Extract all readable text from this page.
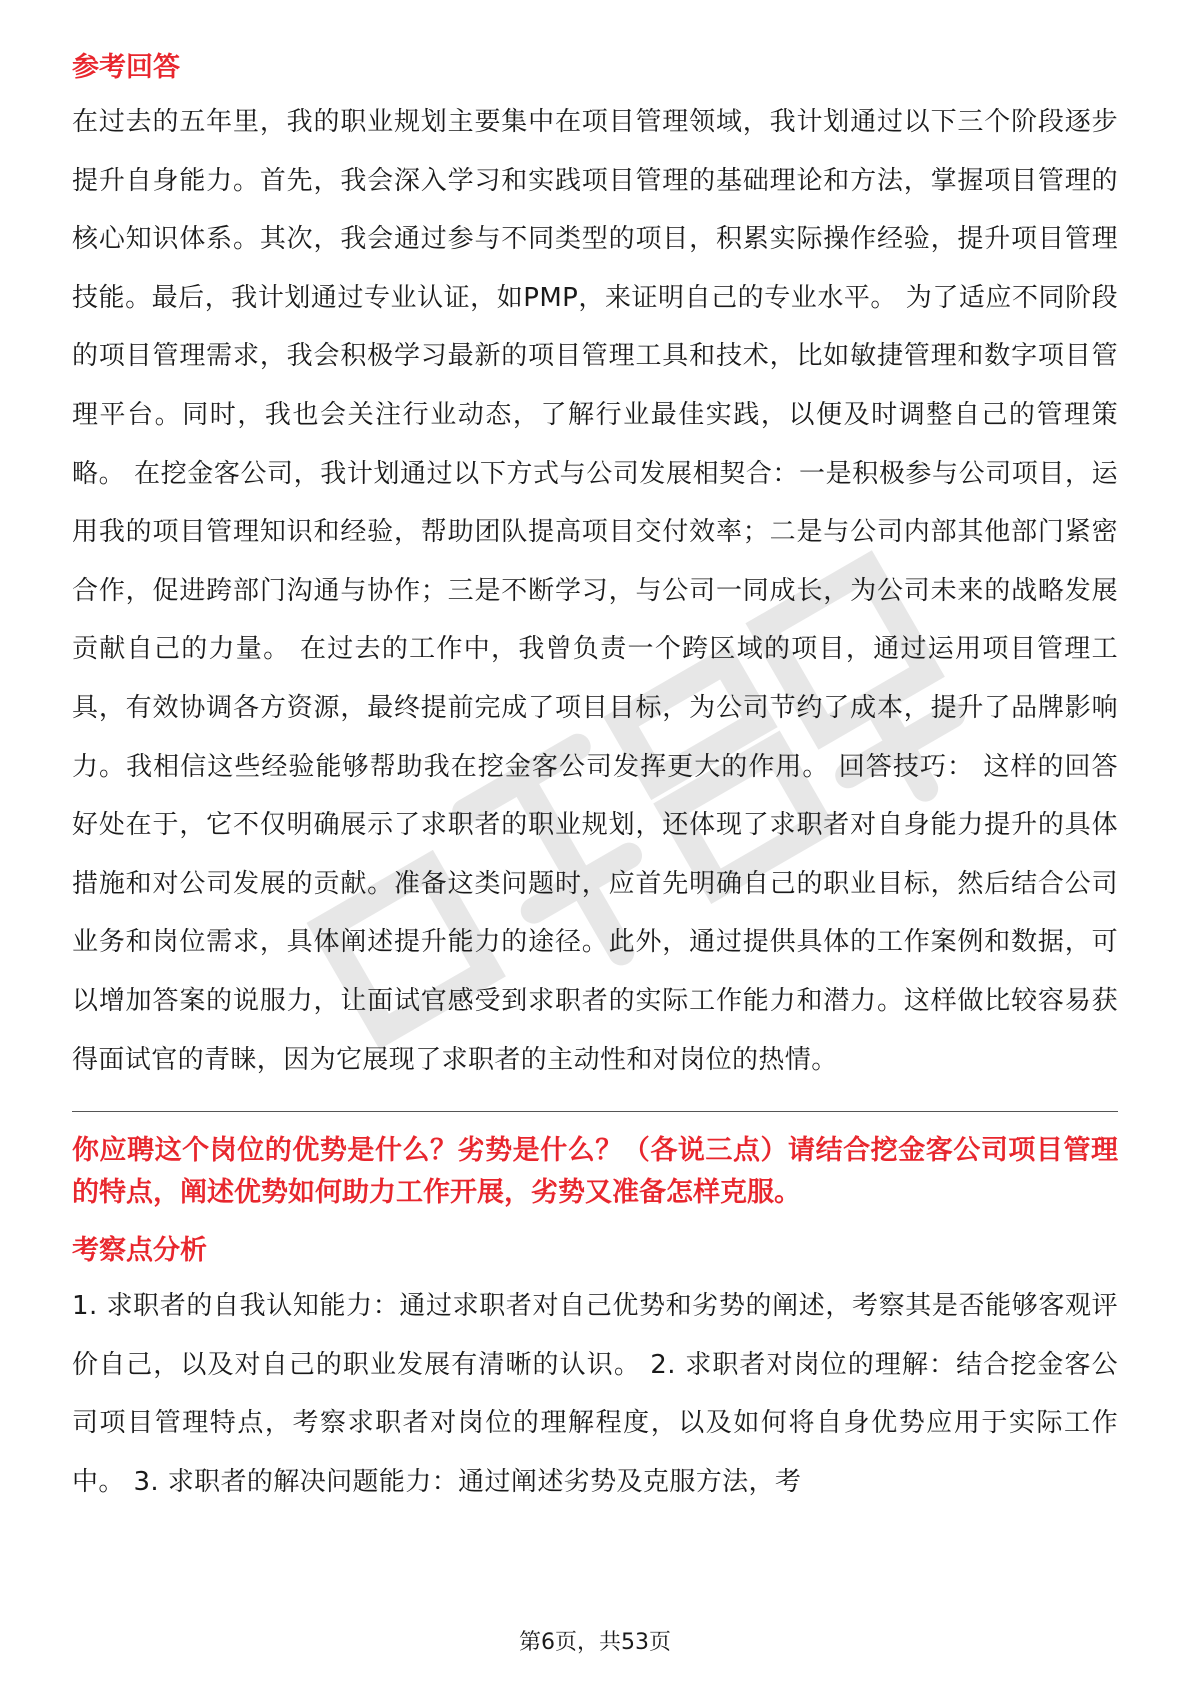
参考回答

在过去的五年里，我的职业规划主要集中在项目管理领域，我计划通过以下三个阶段逐步提升自身能力。首先，我会深入学习和实践项目管理的基础理论和方法，掌握项目管理的核心知识体系。其次，我会通过参与不同类型的项目，积累实际操作经验，提升项目管理技能。最后，我计划通过专业认证，如PMP，来证明自己的专业水平。 为了适应不同阶段的项目管理需求，我会积极学习最新的项目管理工具和技术，比如敏捷管理和数字项目管理平台。同时，我也会关注行业动态，了解行业最佳实践，以便及时调整自己的管理策略。 在挖金客公司，我计划通过以下方式与公司发展相契合：一是积极参与公司项目，运用我的项目管理知识和经验，帮助团队提高项目交付效率；二是与公司内部其他部门紧密合作，促进跨部门沟通与协作；三是不断学习，与公司一同成长，为公司未来的战略发展贡献自己的力量。 在过去的工作中，我曾负责一个跨区域的项目，通过运用项目管理工具，有效协调各方资源，最终提前完成了项目目标，为公司节约了成本，提升了品牌影响力。我相信这些经验能够帮助我在挖金客公司发挥更大的作用。 回答技巧： 这样的回答好处在于，它不仅明确展示了求职者的职业规划，还体现了求职者对自身能力提升的具体措施和对公司发展的贡献。准备这类问题时，应首先明确自己的职业目标，然后结合公司业务和岗位需求，具体阐述提升能力的途径。此外，通过提供具体的工作案例和数据，可以增加答案的说服力，让面试官感受到求职者的实际工作能力和潜力。这样做比较容易获得面试官的青睐，因为它展现了求职者的主动性和对岗位的热情。

你应聘这个岗位的优势是什么？劣势是什么？（各说三点）请结合挖金客公司项目管理的特点，阐述优势如何助力工作开展，劣势又准备怎样克服。

考察点分析

1. 求职者的自我认知能力：通过求职者对自己优势和劣势的阐述，考察其是否能够客观评价自己，以及对自己的职业发展有清晰的认识。 2. 求职者对岗位的理解：结合挖金客公司项目管理特点，考察求职者对岗位的理解程度，以及如何将自身优势应用于实际工作中。 3. 求职者的解决问题能力：通过阐述劣势及克服方法，考

第6页，共53页
